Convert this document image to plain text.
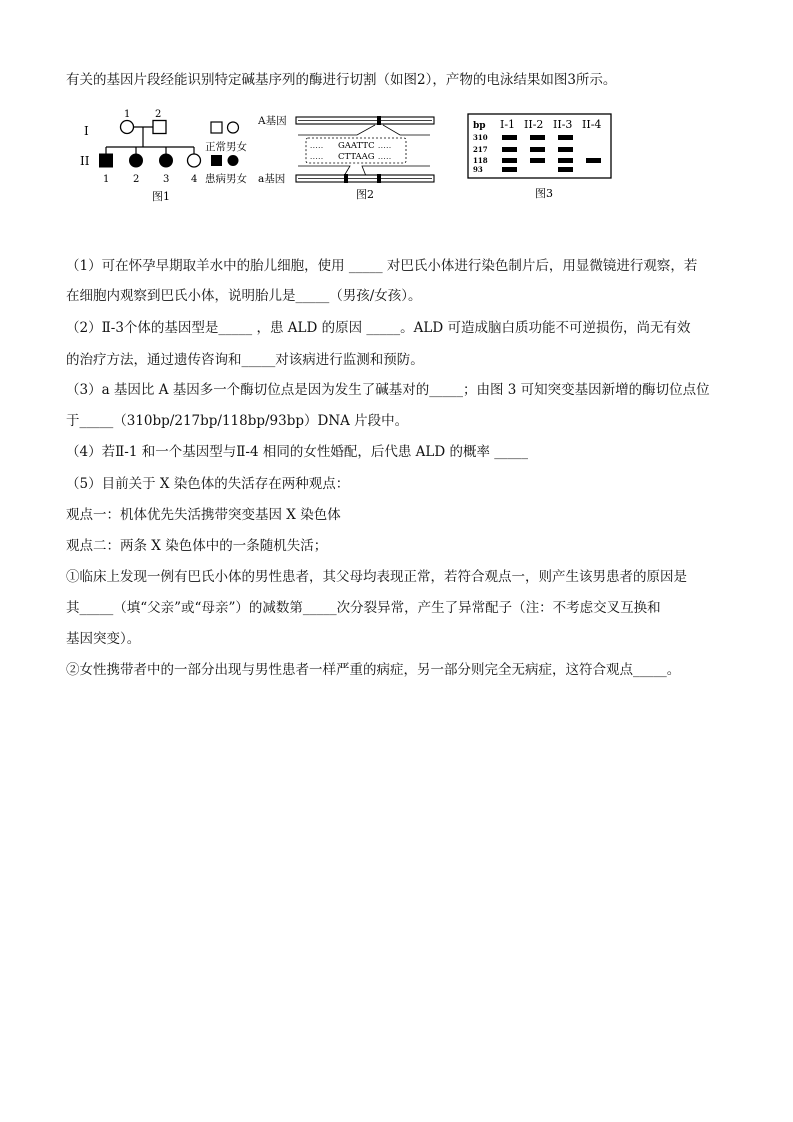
有关的基因片段经能识别特定碱基序列的酶进行切割（如图2），产物的电泳结果如图3所示。
I
II
1 2
1 2 3 4
正常男女
患病男女
图1
A基因
..... GAATTC .....
..... CTTAAG .....
a基因
图2
bp I-1 II-2 II-3 II-4
310
217
118
93
图3
（1）可在怀孕早期取羊水中的胎儿细胞，使用 _____ 对巴氏小体进行染色制片后，用显微镜进行观察，若
在细胞内观察到巴氏小体，说明胎儿是_____（男孩/女孩）。
（2）Ⅱ-3个体的基因型是_____ ，患 ALD 的原因 _____。ALD 可造成脑白质功能不可逆损伤，尚无有效
的治疗方法，通过遗传咨询和_____对该病进行监测和预防。
（3）a 基因比 A 基因多一个酶切位点是因为发生了碱基对的_____；由图 3 可知突变基因新增的酶切位点位
于_____（310bp/217bp/118bp/93bp）DNA 片段中。
（4）若Ⅱ-1 和一个基因型与Ⅱ-4 相同的女性婚配，后代患 ALD 的概率 _____
（5）目前关于 X 染色体的失活存在两种观点：
观点一：机体优先失活携带突变基因 X 染色体
观点二：两条 X 染色体中的一条随机失活；
①临床上发现一例有巴氏小体的男性患者，其父母均表现正常，若符合观点一，则产生该男患者的原因是
其_____（填“父亲”或“母亲”）的减数第_____次分裂异常，产生了异常配子（注：不考虑交叉互换和
基因突变）。
②女性携带者中的一部分出现与男性患者一样严重的病症，另一部分则完全无病症，这符合观点_____。
